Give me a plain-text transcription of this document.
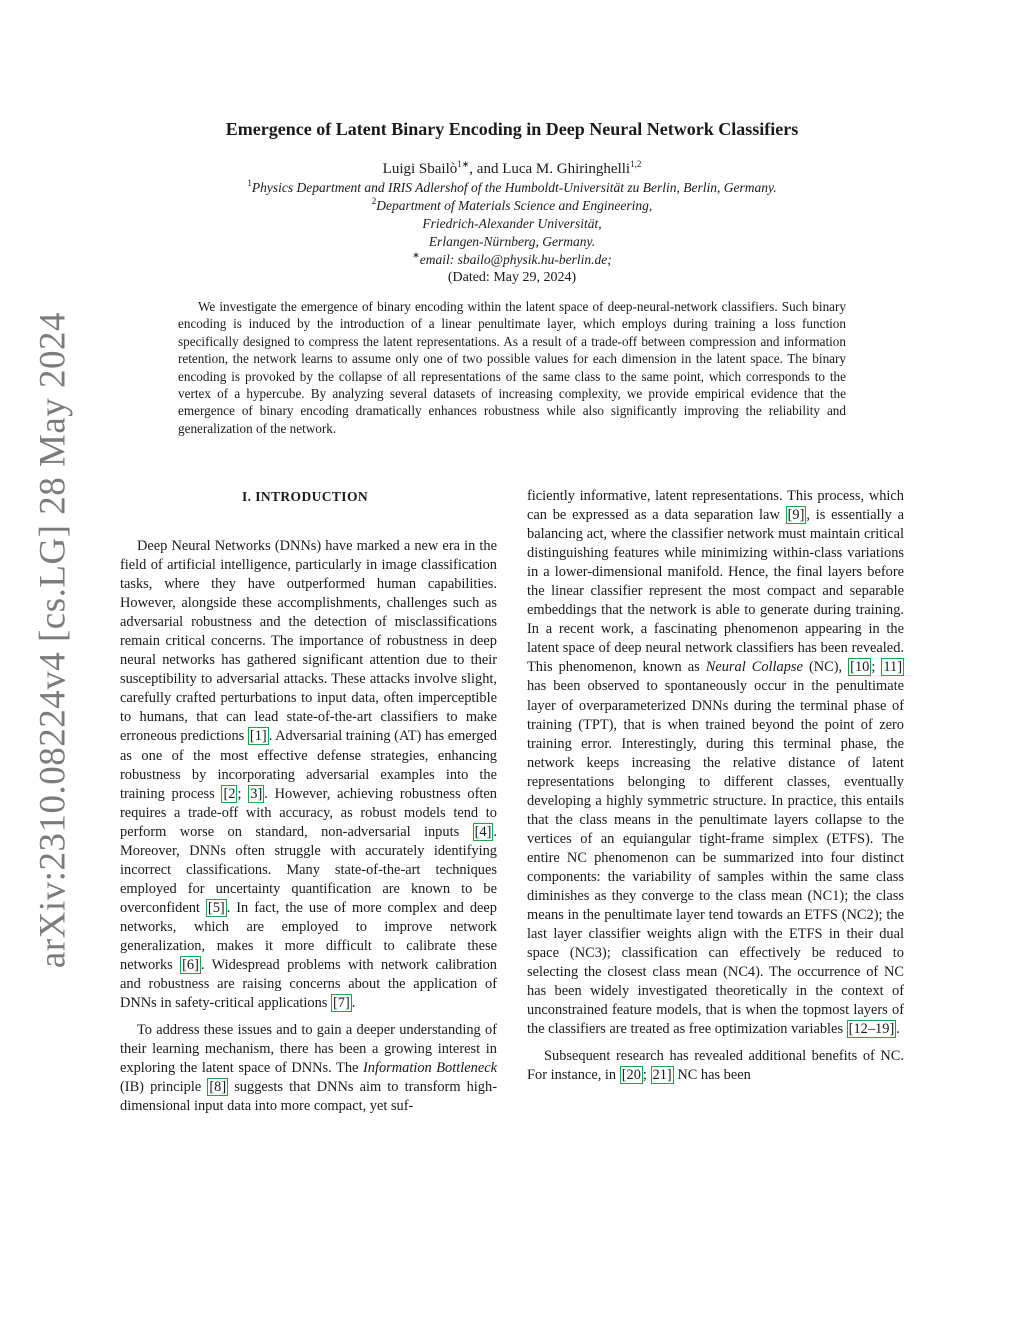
arXiv:2310.08224v4 [cs.LG] 28 May 2024
Emergence of Latent Binary Encoding in Deep Neural Network Classifiers
Luigi Sbailò$^{1∗}$, and Luca M. Ghiringhelli$^{1,2}$
$^1$Physics Department and IRIS Adlershof of the Humboldt-Universität zu Berlin, Berlin, Germany.
$^2$Department of Materials Science and Engineering,
Friedrich-Alexander Universität,
Erlangen-Nürnberg, Germany.
∗email: sbailo@physik.hu-berlin.de;
(Dated: May 29, 2024)

We investigate the emergence of binary encoding within the latent space of deep-neural-network classifiers. Such binary encoding is induced by the introduction of a linear penultimate layer, which employs during training a loss function specifically designed to compress the latent representations. As a result of a trade-off between compression and information retention, the network learns to assume only one of two possible values for each dimension in the latent space. The binary encoding is provoked by the collapse of all representations of the same class to the same point, which corresponds to the vertex of a hypercube. By analyzing several datasets of increasing complexity, we provide empirical evidence that the emergence of binary encoding dramatically enhances robustness while also significantly improving the reliability and generalization of the network.

I. INTRODUCTION

Deep Neural Networks (DNNs) have marked a new era in the field of artificial intelligence, particularly in image classification tasks, where they have outperformed human capabilities. However, alongside these accomplishments, challenges such as adversarial robustness and the detection of misclassifications remain critical concerns. The importance of robustness in deep neural networks has gathered significant attention due to their susceptibility to adversarial attacks. These attacks involve slight, carefully crafted perturbations to input data, often imperceptible to humans, that can lead state-of-the-art classifiers to make erroneous predictions [1] . Adversarial training (AT) has emerged as one of the most effective defense strategies, enhancing robustness by incorporating adversarial examples into the training process [2 ; 3] . However, achieving robustness often requires a trade-off with accuracy, as robust models tend to perform worse on standard, non-adversarial inputs [4] . Moreover, DNNs often struggle with accurately identifying incorrect classifications. Many state-of-the-art techniques employed for uncertainty quantification are known to be overconfident [5] . In fact, the use of more complex and deep networks, which are employed to improve network generalization, makes it more difficult to calibrate these networks [6] . Widespread problems with network calibration and robustness are raising concerns about the application of DNNs in safety-critical applications [7] .

To address these issues and to gain a deeper understanding of their learning mechanism, there has been a growing interest in exploring the latent space of DNNs. The Information Bottleneck (IB) principle [8] suggests that DNNs aim to transform high-dimensional input data into more compact, yet suf-

ficiently informative, latent representations. This process, which can be expressed as a data separation law [9] , is essentially a balancing act, where the classifier network must maintain critical distinguishing features while minimizing within-class variations in a lower-dimensional manifold. Hence, the final layers before the linear classifier represent the most compact and separable embeddings that the network is able to generate during training. In a recent work, a fascinating phenomenon appearing in the latent space of deep neural network classifiers has been revealed. This phenomenon, known as Neural Collapse (NC), [10 ; 11] has been observed to spontaneously occur in the penultimate layer of overparameterized DNNs during the terminal phase of training (TPT), that is when trained beyond the point of zero training error. Interestingly, during this terminal phase, the network keeps increasing the relative distance of latent representations belonging to different classes, eventually developing a highly symmetric structure. In practice, this entails that the class means in the penultimate layers collapse to the vertices of an equiangular tight-frame simplex (ETFS). The entire NC phenomenon can be summarized into four distinct components: the variability of samples within the same class diminishes as they converge to the class mean (NC1); the class means in the penultimate layer tend towards an ETFS (NC2); the last layer classifier weights align with the ETFS in their dual space (NC3); classification can effectively be reduced to selecting the closest class mean (NC4). The occurrence of NC has been widely investigated theoretically in the context of unconstrained feature models, that is when the topmost layers of the classifiers are treated as free optimization variables [12–19] .

Subsequent research has revealed additional benefits of NC. For instance, in [20 ; 21] NC has been
